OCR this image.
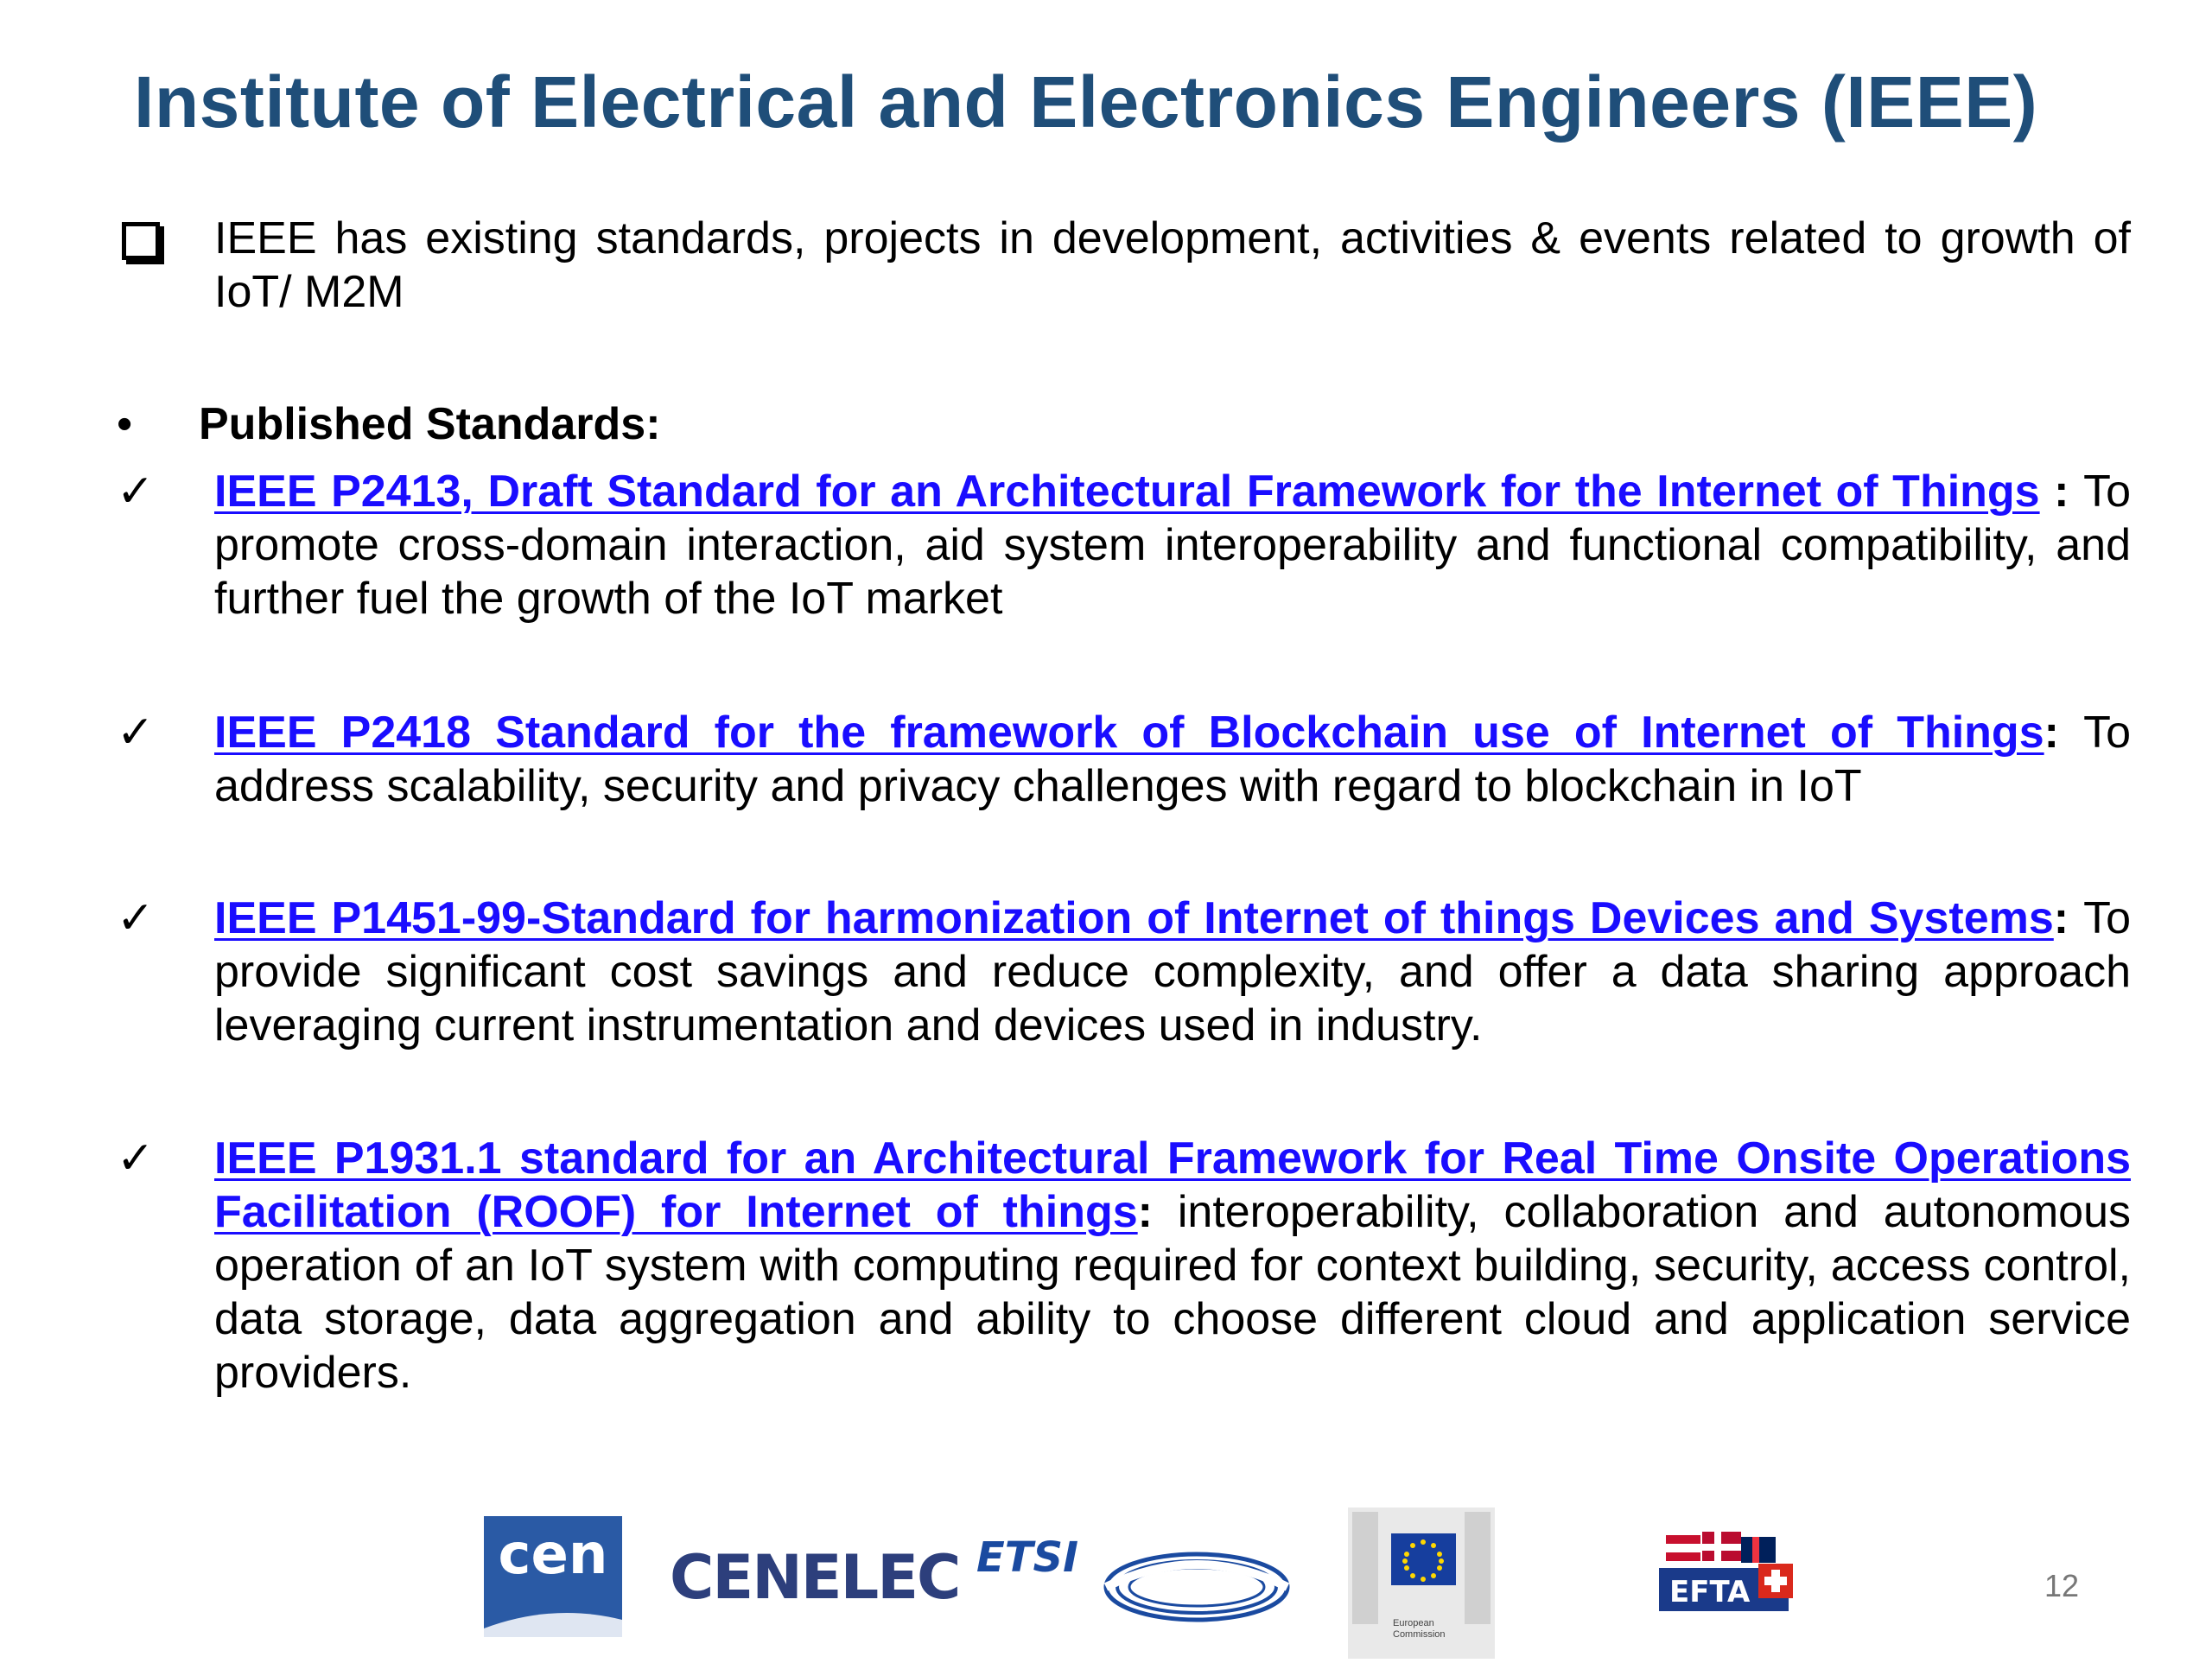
Institute of Electrical and Electronics Engineers (IEEE)
IEEE has existing standards, projects in development, activities & events related to growth of IoT/ M2M
• Published Standards:
✓	IEEE P2413, Draft Standard for an Architectural Framework for the Internet of Things : To promote cross-domain interaction, aid system interoperability and functional compatibility, and further fuel the growth of the IoT market
✓	IEEE P2418 Standard for the framework of Blockchain use of Internet of Things: To address scalability, security and privacy challenges with regard to blockchain in IoT
✓	IEEE P1451-99-Standard for harmonization of Internet of things Devices and Systems: To provide significant cost savings and reduce complexity, and offer a data sharing approach leveraging current instrumentation and devices used in industry.
✓	IEEE P1931.1 standard for an Architectural Framework for Real Time Onsite Operations Facilitation (ROOF) for Internet of things: interoperability, collaboration and autonomous operation of an IoT system with computing required for context building, security, access control, data storage, data aggregation and ability to choose different cloud and application service providers.
cen CENELEC ETSI
European Commission
EFTA	12
